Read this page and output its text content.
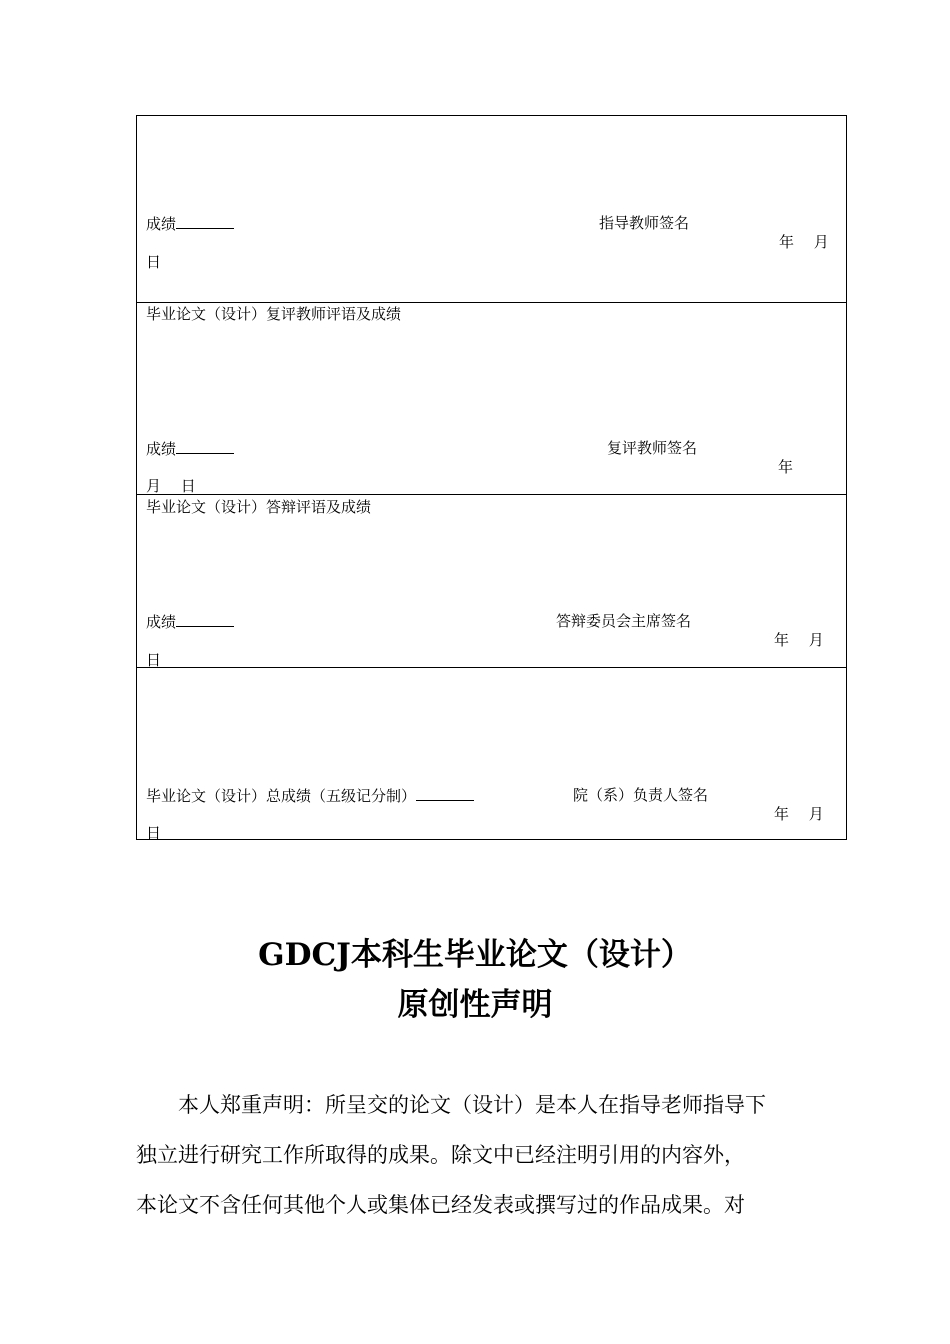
成绩	指导教师签名
年　 月
日
毕业论文（设计）复评教师评语及成绩
成绩	复评教师签名
年
月　 日
毕业论文（设计）答辩评语及成绩
成绩	答辩委员会主席签名
年　 月
日
毕业论文（设计）总成绩（五级记分制）	院（系）负责人签名
年　 月
日
GDCJ本科生毕业论文（设计）
原创性声明
　　本人郑重声明：所呈交的论文（设计）是本人在指导老师指导下
独立进行研究工作所取得的成果。除文中已经注明引用的内容外，
本论文不含任何其他个人或集体已经发表或撰写过的作品成果。对
